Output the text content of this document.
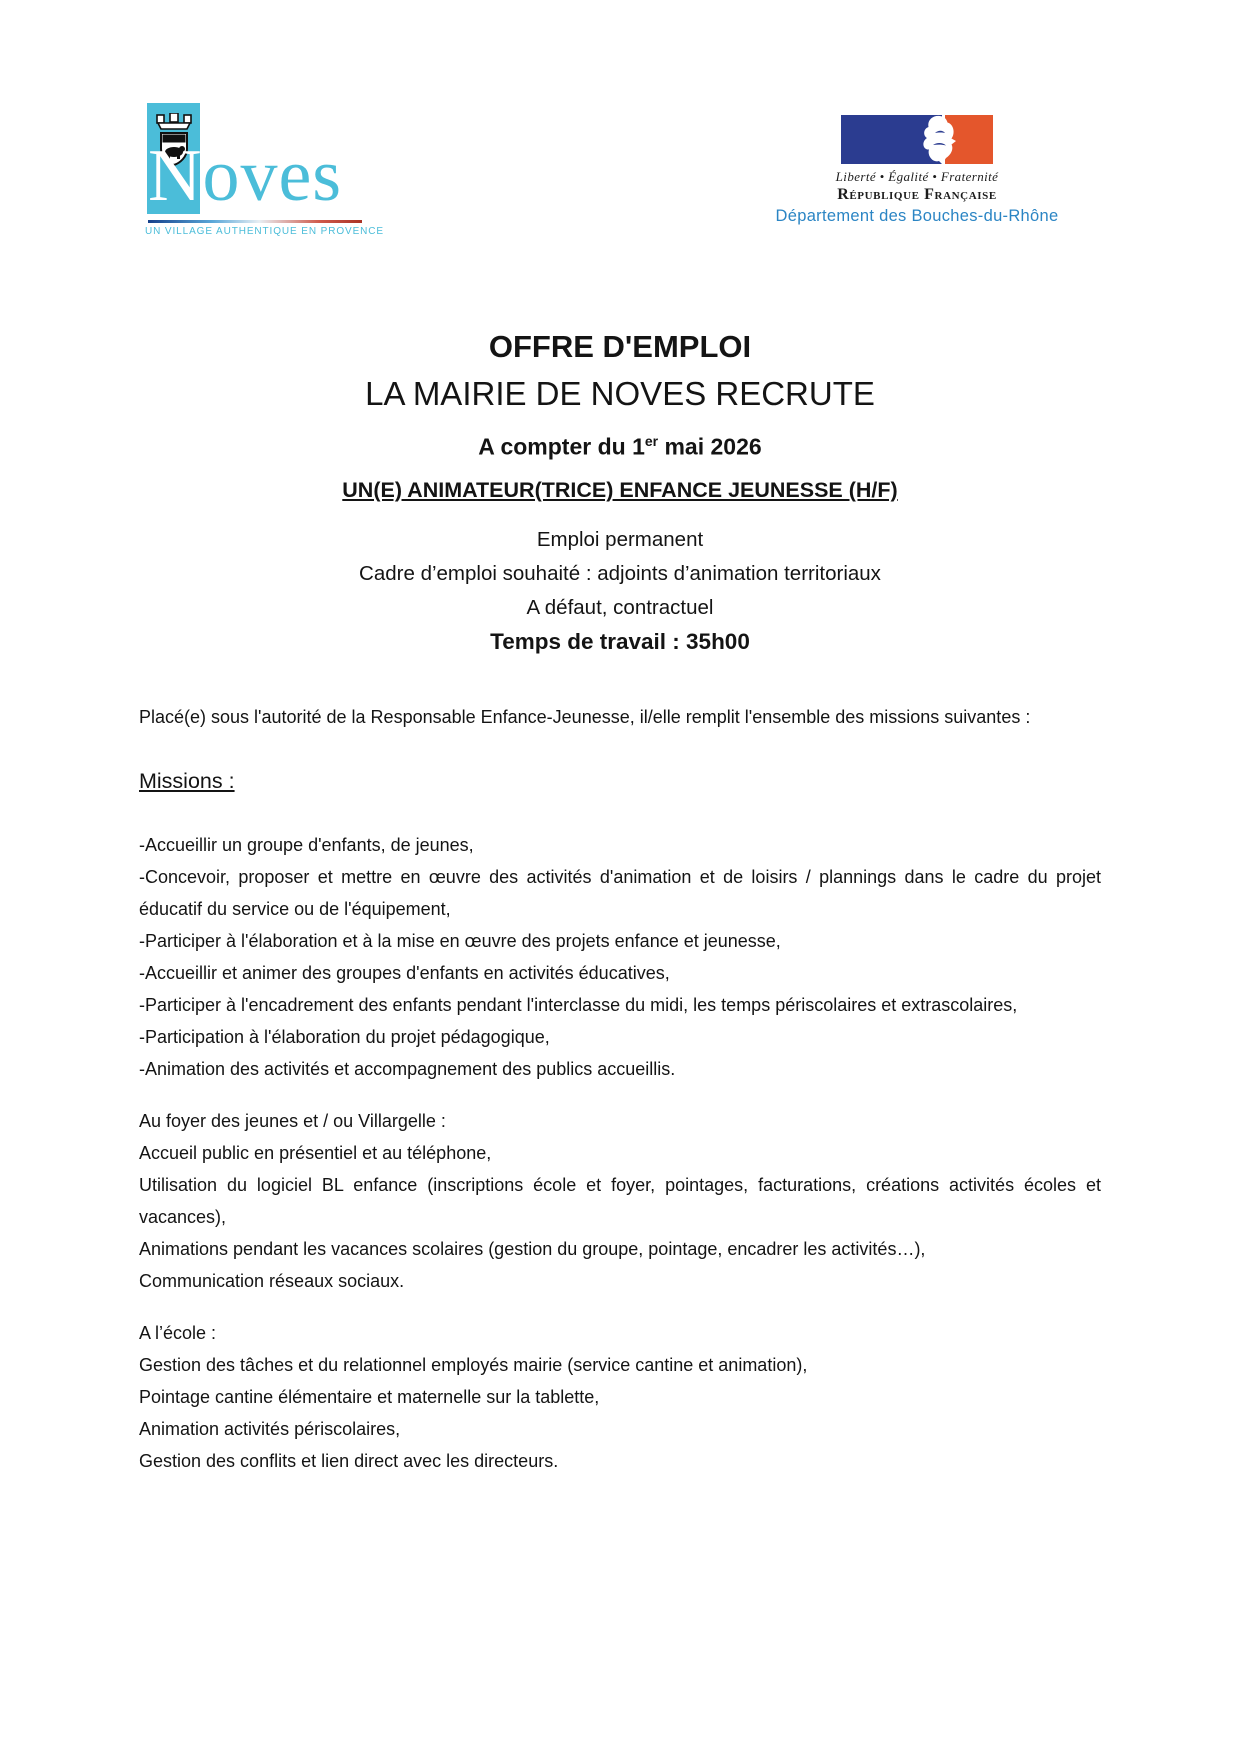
Noves
UN VILLAGE AUTHENTIQUE EN PROVENCE
Liberté • Égalité • Fraternité
République Française
Département des Bouches-du-Rhône
OFFRE D'EMPLOI
LA MAIRIE DE NOVES RECRUTE
A compter du 1er mai 2026
UN(E) ANIMATEUR(TRICE) ENFANCE JEUNESSE (H/F)
Emploi permanent
Cadre d’emploi souhaité : adjoints d’animation territoriaux
A défaut, contractuel
Temps de travail : 35h00
Placé(e) sous l'autorité de la Responsable Enfance-Jeunesse, il/elle remplit l'ensemble des missions suivantes :
Missions :
-Accueillir un groupe d'enfants, de jeunes,
-Concevoir, proposer et mettre en œuvre des activités d'animation et de loisirs / plannings dans le cadre du projet éducatif du service ou de l'équipement,
-Participer à l'élaboration et à la mise en œuvre des projets enfance et jeunesse,
-Accueillir et animer des groupes d'enfants en activités éducatives,
-Participer à l'encadrement des enfants pendant l'interclasse du midi, les temps périscolaires et extrascolaires,
-Participation à l'élaboration du projet pédagogique,
-Animation des activités et accompagnement des publics accueillis.
Au foyer des jeunes et / ou Villargelle :
Accueil public en présentiel et au téléphone,
Utilisation du logiciel BL enfance (inscriptions école et foyer, pointages, facturations, créations activités écoles et vacances),
Animations pendant les vacances scolaires (gestion du groupe, pointage, encadrer les activités…),
Communication réseaux sociaux.
A l’école :
Gestion des tâches et du relationnel employés mairie (service cantine et animation),
Pointage cantine élémentaire et maternelle sur la tablette,
Animation activités périscolaires,
Gestion des conflits et lien direct avec les directeurs.
